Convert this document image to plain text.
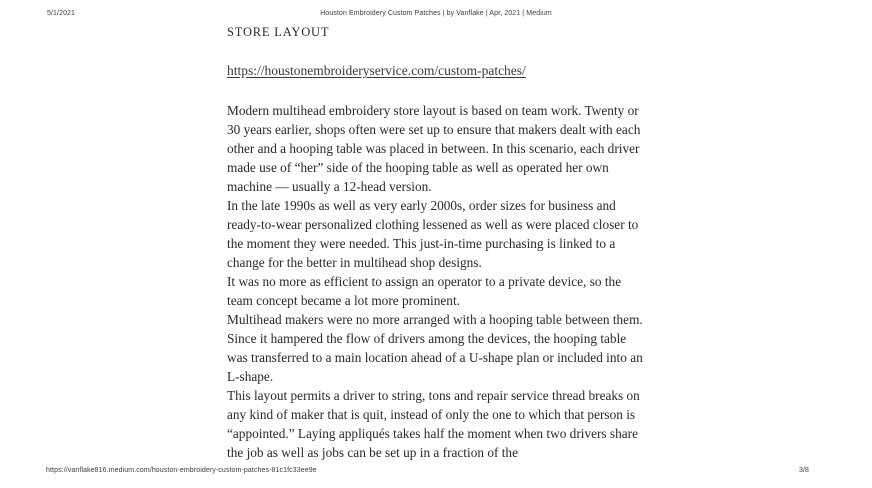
5/1/2021	Houston Embroidery Custom Patches | by Vanflake | Apr, 2021 | Medium
STORE LAYOUT
https://houstonembroideryservice.com/custom-patches/

Modern multihead embroidery store layout is based on team work. Twenty or 30 years earlier, shops often were set up to ensure that makers dealt with each other and a hooping table was placed in between. In this scenario, each driver made use of “her” side of the hooping table as well as operated her own machine — usually a 12-head version.

In the late 1990s as well as very early 2000s, order sizes for business and ready-to-wear personalized clothing lessened as well as were placed closer to the moment they were needed. This just-in-time purchasing is linked to a change for the better in multihead shop designs.

It was no more as efficient to assign an operator to a private device, so the team concept became a lot more prominent.

Multihead makers were no more arranged with a hooping table between them. Since it hampered the flow of drivers among the devices, the hooping table was transferred to a main location ahead of a U-shape plan or included into an L-shape.

This layout permits a driver to string, tons and repair service thread breaks on any kind of maker that is quit, instead of only the one to which that person is “appointed.” Laying appliqués takes half the moment when two drivers share the job as well as jobs can be set up in a fraction of the

https://vanflake816.medium.com/houston-embroidery-custom-patches-81c1fc33ee9e	3/8
